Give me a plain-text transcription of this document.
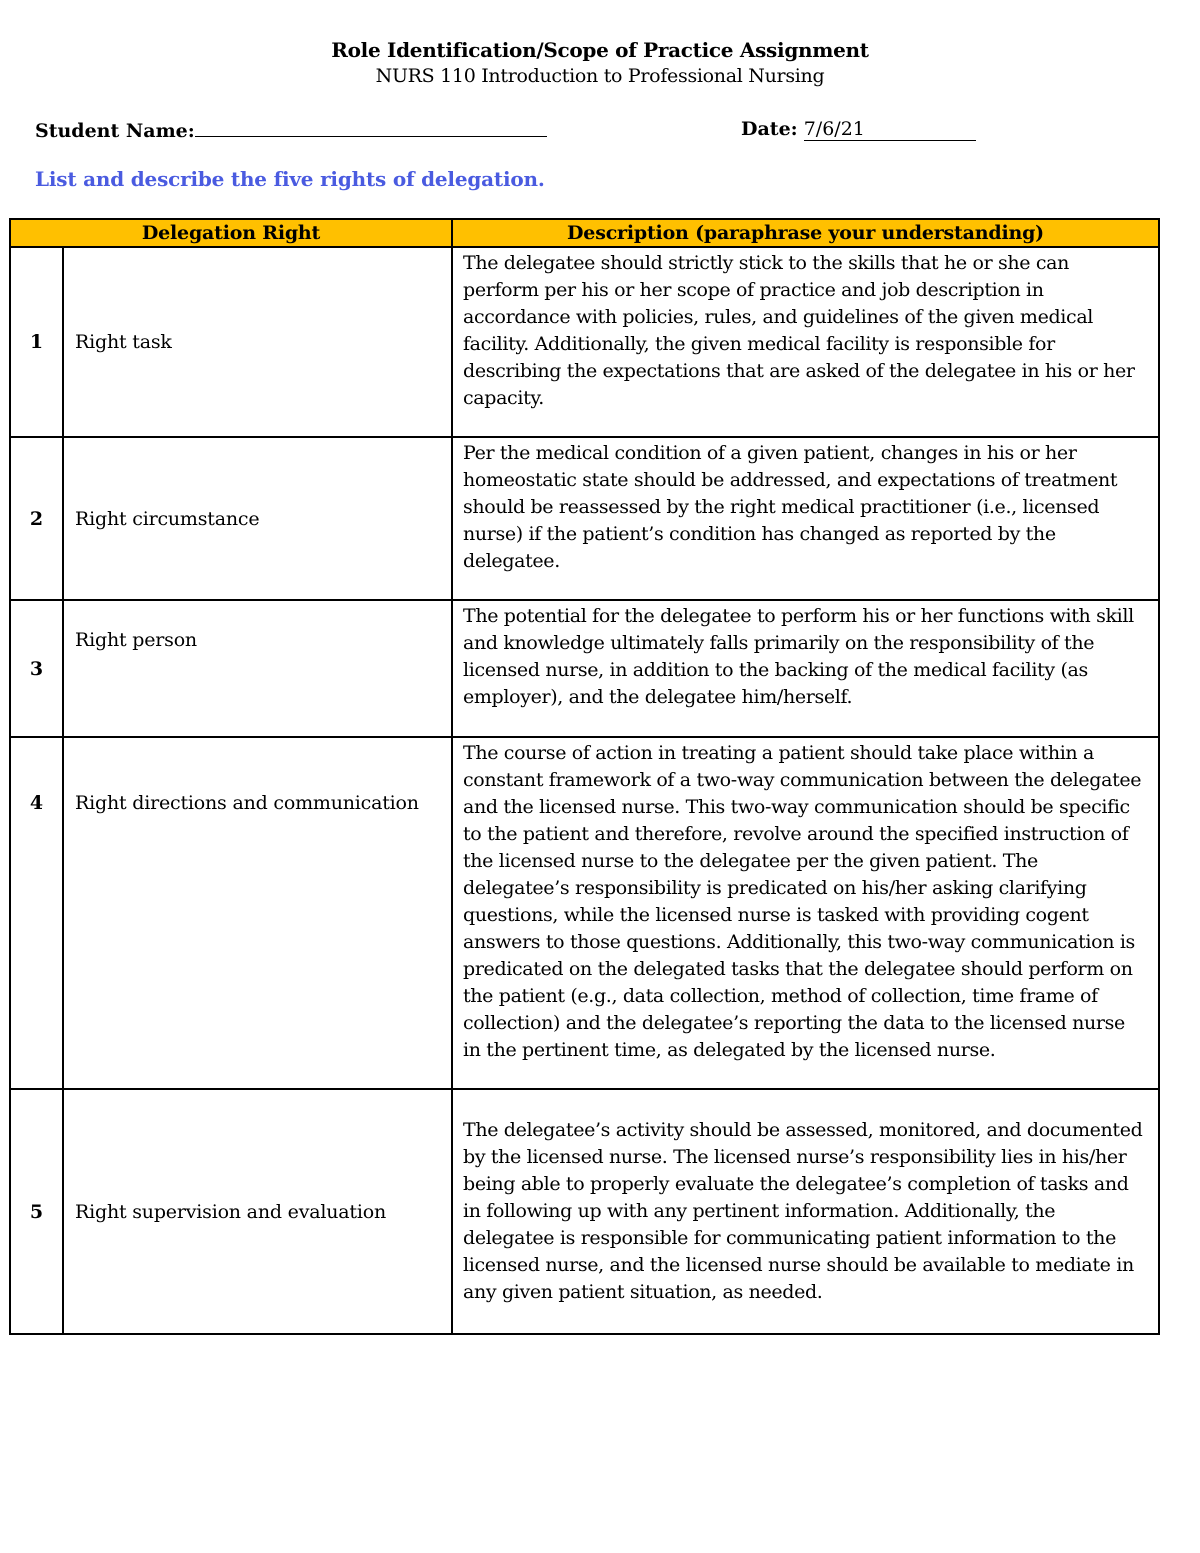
Role Identification/Scope of Practice Assignment
NURS 110 Introduction to Professional Nursing
Student Name:	Date: 7/6/21
List and describe the five rights of delegation.
Delegation Right		Description (paraphrase your understanding)
1	Right task	The delegatee should strictly stick to the skills that he or she can perform per his or her scope of practice and job description in accordance with policies, rules, and guidelines of the given medical facility. Additionally, the given medical facility is responsible for describing the expectations that are asked of the delegatee in his or her capacity.
2	Right circumstance	Per the medical condition of a given patient, changes in his or her homeostatic state should be addressed, and expectations of treatment should be reassessed by the right medical practitioner (i.e., licensed nurse) if the patient’s condition has changed as reported by the delegatee.
3	Right person	The potential for the delegatee to perform his or her functions with skill and knowledge ultimately falls primarily on the responsibility of the licensed nurse, in addition to the backing of the medical facility (as employer), and the delegatee him/herself.
4	Right directions and communication	The course of action in treating a patient should take place within a constant framework of a two-way communication between the delegatee and the licensed nurse. This two-way communication should be specific to the patient and therefore, revolve around the specified instruction of the licensed nurse to the delegatee per the given patient. The delegatee’s responsibility is predicated on his/her asking clarifying questions, while the licensed nurse is tasked with providing cogent answers to those questions. Additionally, this two-way communication is predicated on the delegated tasks that the delegatee should perform on the patient (e.g., data collection, method of collection, time frame of collection) and the delegatee’s reporting the data to the licensed nurse in the pertinent time, as delegated by the licensed nurse.
5	Right supervision and evaluation	The delegatee’s activity should be assessed, monitored, and documented by the licensed nurse. The licensed nurse’s responsibility lies in his/her being able to properly evaluate the delegatee’s completion of tasks and in following up with any pertinent information. Additionally, the delegatee is responsible for communicating patient information to the licensed nurse, and the licensed nurse should be available to mediate in any given patient situation, as needed.
